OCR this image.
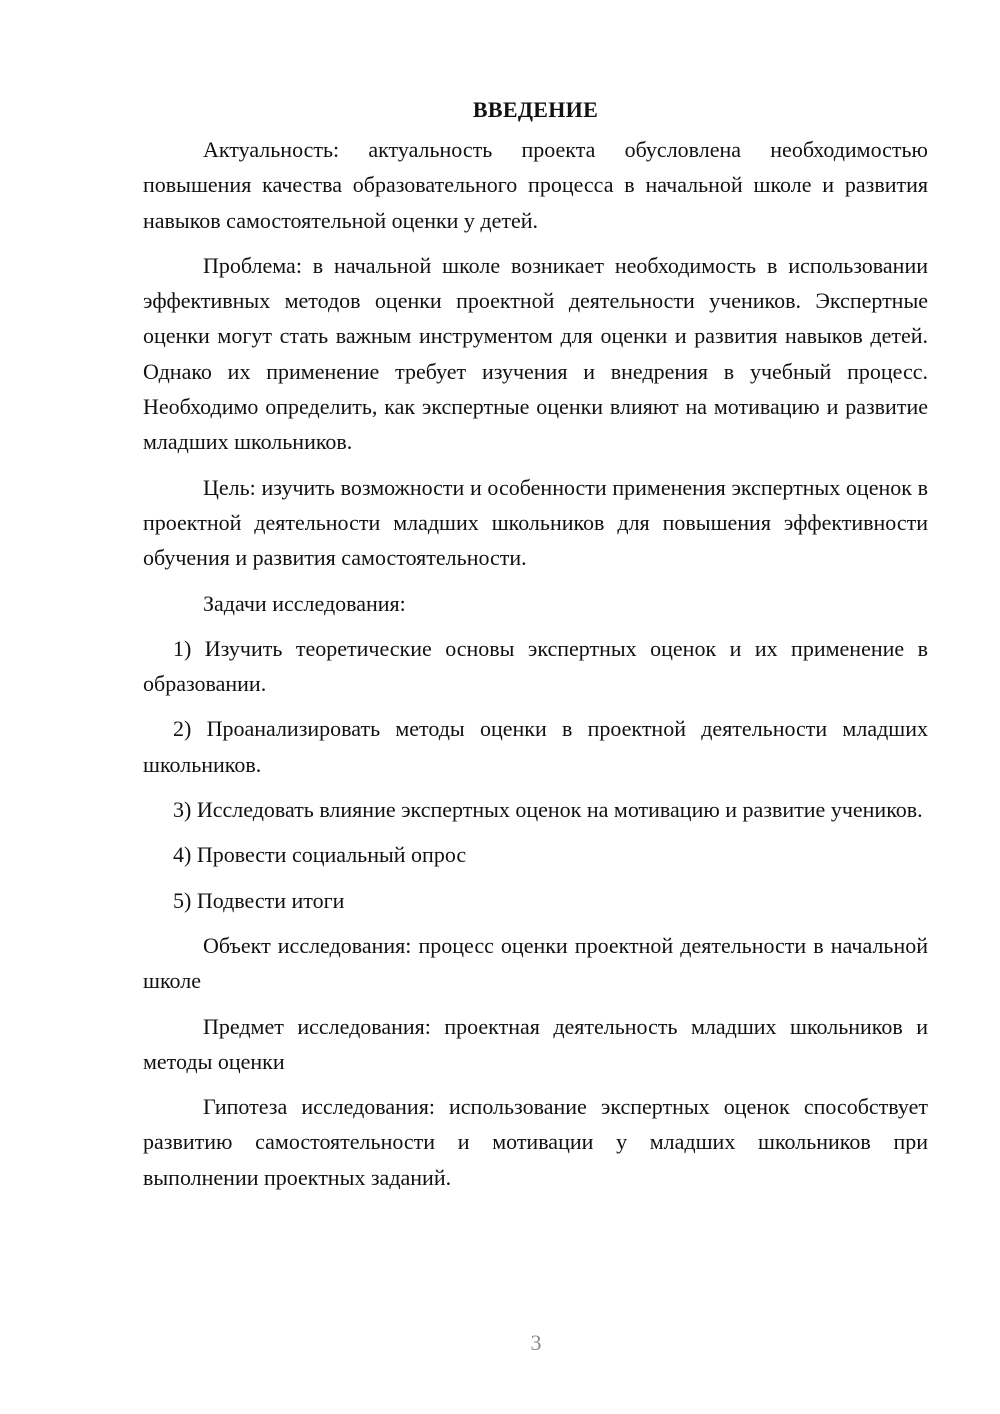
ВВЕДЕНИЕ

Актуальность: актуальность проекта обусловлена необходимостью повышения качества образовательного процесса в начальной школе и развития навыков самостоятельной оценки у детей.

Проблема: в начальной школе возникает необходимость в использовании эффективных методов оценки проектной деятельности учеников. Экспертные оценки могут стать важным инструментом для оценки и развития навыков детей. Однако их применение требует изучения и внедрения в учебный процесс. Необходимо определить, как экспертные оценки влияют на мотивацию и развитие младших школьников.

Цель: изучить возможности и особенности применения экспертных оценок в проектной деятельности младших школьников для повышения эффективности обучения и развития самостоятельности.

Задачи исследования:

1) Изучить теоретические основы экспертных оценок и их применение в образовании.

2) Проанализировать методы оценки в проектной деятельности младших школьников.

3) Исследовать влияние экспертных оценок на мотивацию и развитие учеников.

4) Провести социальный опрос

5) Подвести итоги

Объект исследования: процесс оценки проектной деятельности в начальной школе

Предмет исследования: проектная деятельность младших школьников и методы оценки

Гипотеза исследования: использование экспертных оценок способствует развитию самостоятельности и мотивации у младших школьников при выполнении проектных заданий.

3
